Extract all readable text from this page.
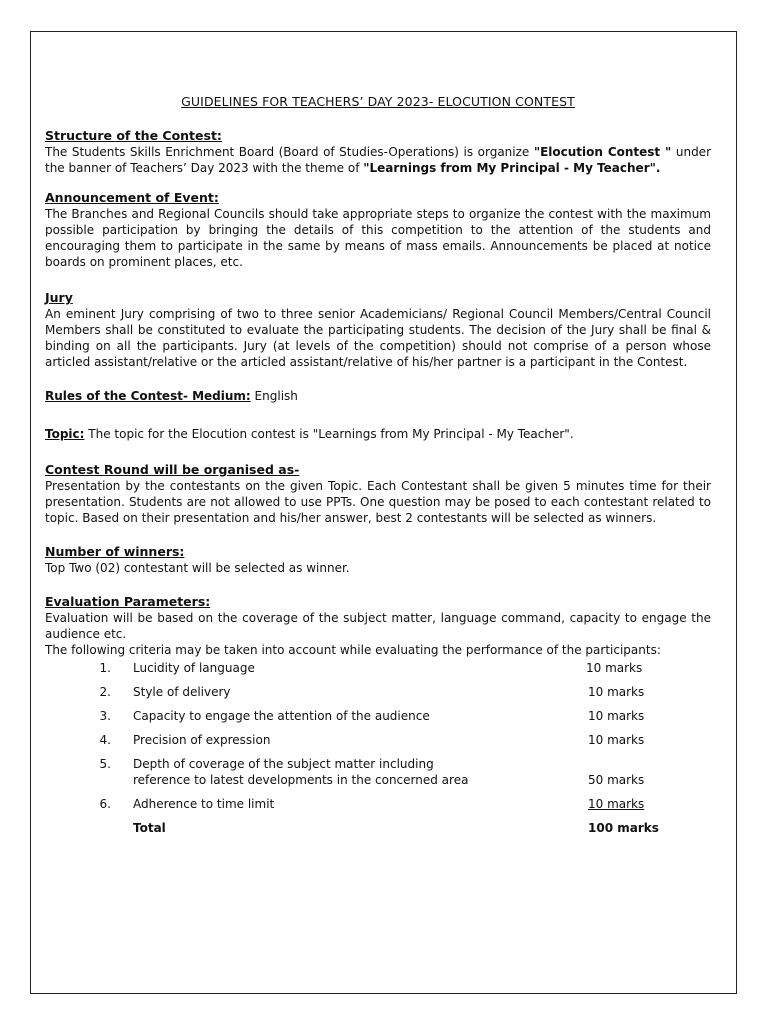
GUIDELINES FOR TEACHERS’ DAY 2023- ELOCUTION CONTEST
Structure of the Contest:

The Students Skills Enrichment Board (Board of Studies-Operations) is organize "Elocution Contest " under the banner of Teachers’ Day 2023 with the theme of "Learnings from My Principal - My Teacher".

Announcement of Event:

The Branches and Regional Councils should take appropriate steps to organize the contest with the maximum possible participation by bringing the details of this competition to the attention of the students and encouraging them to participate in the same by means of mass emails. Announcements be placed at notice boards on prominent places, etc.

Jury

An eminent Jury comprising of two to three senior Academicians/ Regional Council Members/Central Council Members shall be constituted to evaluate the participating students. The decision of the Jury shall be final & binding on all the participants. Jury (at levels of the competition) should not comprise of a person whose articled assistant/relative or the articled assistant/relative of his/her partner is a participant in the Contest.

Rules of the Contest- Medium: English

Topic: The topic for the Elocution contest is "Learnings from My Principal - My Teacher".

Contest Round will be organised as-

Presentation by the contestants on the given Topic. Each Contestant shall be given 5 minutes time for their presentation. Students are not allowed to use PPTs. One question may be posed to each contestant related to topic. Based on their presentation and his/her answer, best 2 contestants will be selected as winners.

Number of winners:

Top Two (02) contestant will be selected as winner.

Evaluation Parameters:

Evaluation will be based on the coverage of the subject matter, language command, capacity to engage the audience etc.

The following criteria may be taken into account while evaluating the performance of the participants:

1. Lucidity of language	10 marks
2. Style of delivery	10 marks
3. Capacity to engage the attention of the audience	10 marks
4. Precision of expression	10 marks
5. Depth of coverage of the subject matter including
reference to latest developments in the concerned area	50 marks
6. Adherence to time limit	10 marks
Total	100 marks
